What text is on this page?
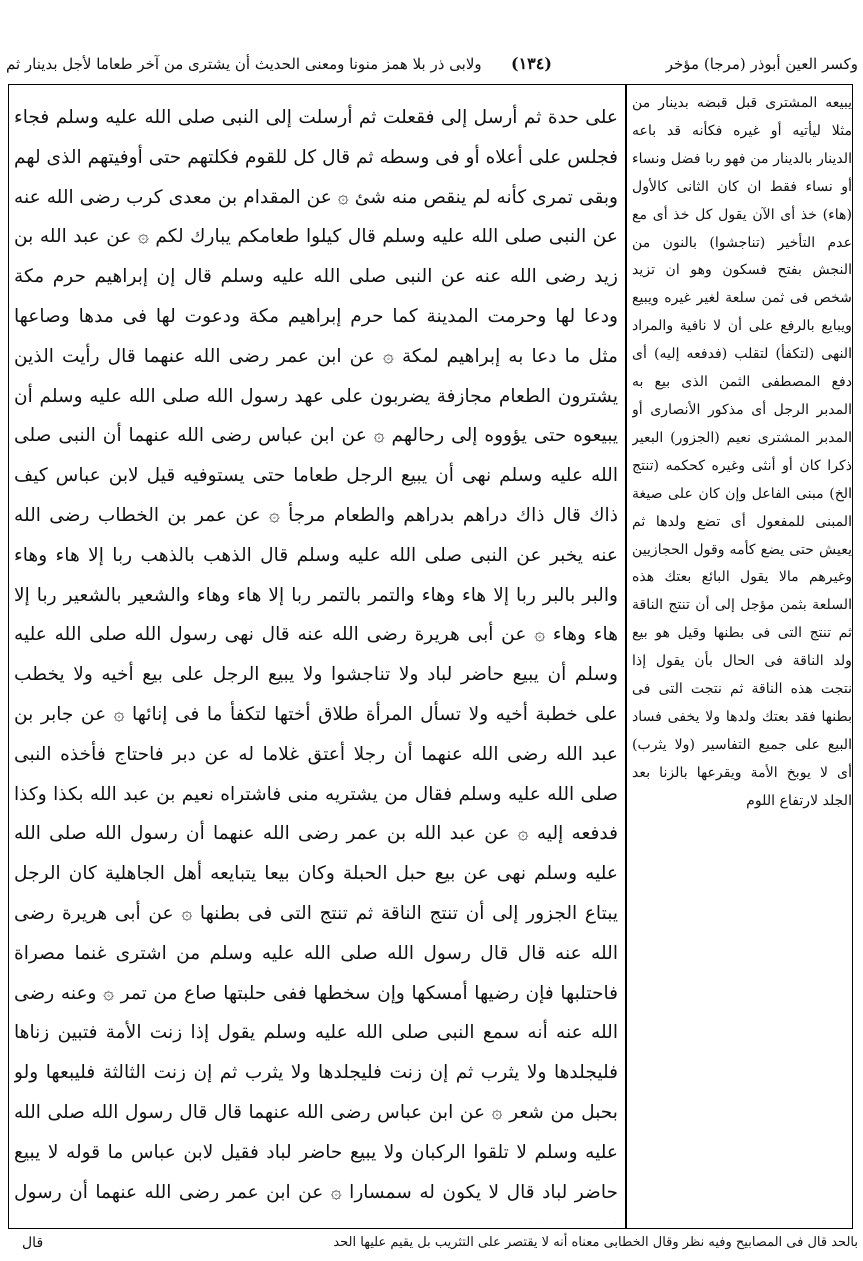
وكسر العين أبوذر (مرجا) مؤخر
(١٣٤)
ولابى ذر بلا همز منونا ومعنى الحديث أن يشترى من آخر طعاما لأجل بدينار ثم

على حدة ثم أرسل إلى فقعلت ثم أرسلت إلى النبى صلى الله عليه وسلم فجاء فجلس على أعلاه أو فى وسطه ثم قال كل للقوم فكلتهم حتى أوفيتهم الذى لهم وبقى تمرى كأنه لم ينقص منه شئ ۞ عن المقدام بن معدى كرب رضى الله عنه عن النبى صلى الله عليه وسلم قال كيلوا طعامكم يبارك لكم ۞ عن عبد الله بن زيد رضى الله عنه عن النبى صلى الله عليه وسلم قال إن إبراهيم حرم مكة ودعا لها وحرمت المدينة كما حرم إبراهيم مكة ودعوت لها فى مدها وصاعها مثل ما دعا به إبراهيم لمكة ۞ عن ابن عمر رضى الله عنهما قال رأيت الذين يشترون الطعام مجازفة يضربون على عهد رسول الله صلى الله عليه وسلم أن يبيعوه حتى يؤووه إلى رحالهم ۞ عن ابن عباس رضى الله عنهما أن النبى صلى الله عليه وسلم نهى أن يبيع الرجل طعاما حتى يستوفيه قيل لابن عباس كيف ذاك قال ذاك دراهم بدراهم والطعام مرجأ ۞ عن عمر بن الخطاب رضى الله عنه يخبر عن النبى صلى الله عليه وسلم قال الذهب بالذهب ربا إلا هاء وهاء والبر بالبر ربا إلا هاء وهاء والتمر بالتمر ربا إلا هاء وهاء والشعير بالشعير ربا إلا هاء وهاء ۞ عن أبى هريرة رضى الله عنه قال نهى رسول الله صلى الله عليه وسلم أن يبيع حاضر لباد ولا تناجشوا ولا يبيع الرجل على بيع أخيه ولا يخطب على خطبة أخيه ولا تسأل المرأة طلاق أختها لتكفأ ما فى إنائها ۞ عن جابر بن عبد الله رضى الله عنهما أن رجلا أعتق غلاما له عن دبر فاحتاج فأخذه النبى صلى الله عليه وسلم فقال من يشتريه منى فاشتراه نعيم بن عبد الله بكذا وكذا فدفعه إليه ۞ عن عبد الله بن عمر رضى الله عنهما أن رسول الله صلى الله عليه وسلم نهى عن بيع حبل الحبلة وكان بيعا يتبايعه أهل الجاهلية كان الرجل يبتاع الجزور إلى أن تنتج الناقة ثم تنتج التى فى بطنها ۞ عن أبى هريرة رضى الله عنه قال قال رسول الله صلى الله عليه وسلم من اشترى غنما مصراة فاحتلبها فإن رضيها أمسكها وإن سخطها ففى حلبتها صاع من تمر ۞ وعنه رضى الله عنه أنه سمع النبى صلى الله عليه وسلم يقول إذا زنت الأمة فتبين زناها فليجلدها ولا يثرب ثم إن زنت فليجلدها ولا يثرب ثم إن زنت الثالثة فليبعها ولو بحبل من شعر ۞ عن ابن عباس رضى الله عنهما قال قال رسول الله صلى الله عليه وسلم لا تلقوا الركبان ولا يبيع حاضر لباد فقيل لابن عباس ما قوله لا يبيع حاضر لباد قال لا يكون له سمسارا ۞ عن ابن عمر رضى الله عنهما أن رسول

يبيعه المشترى قبل قبضه بدينار من مثلا ليأتيه أو غيره فكأنه قد باعه الدينار بالدينار من فهو ربا فضل ونساء أو نساء فقط ان كان الثانى كالأول (هاء) خذ أى الآن يقول كل خذ أى مع عدم التأخير (تناجشوا) بالنون من النجش بفتح فسكون وهو ان تزيد شخص فى ثمن سلعة لغير غيره ويبيع ويبايع بالرفع على أن لا نافية والمراد النهى (لتكفأ) لتقلب (فدفعه إليه) أى دفع المصطفى الثمن الذى بيع به المدبر الرجل أى مذكور الأنصارى أو المدبر المشترى نعيم (الجزور) البعير ذكرا كان أو أنثى وغيره كحكمه (تنتج الخ) مبنى الفاعل وإن كان على صيغة المبنى للمفعول أى تضع ولدها ثم يعيش حتى يضع كأمه وقول الحجازيين وغيرهم مالا يقول البائع بعتك هذه السلعة بثمن مؤجل إلى أن تنتج الناقة ثم تنتج التى فى بطنها وقيل هو بيع ولد الناقة فى الحال بأن يقول إذا نتجت هذه الناقة ثم نتجت التى فى بطنها فقد بعتك ولدها ولا يخفى فساد البيع على جميع التفاسير (ولا يثرب) أى لا يوبخ الأمة ويقرعها بالزنا بعد الجلد لارتفاع اللوم

بالحد قال فى المصابيح وفيه نظر وقال الخطابى معناه أنه لا يقتصر على التثريب بل يقيم عليها الحد
قال
